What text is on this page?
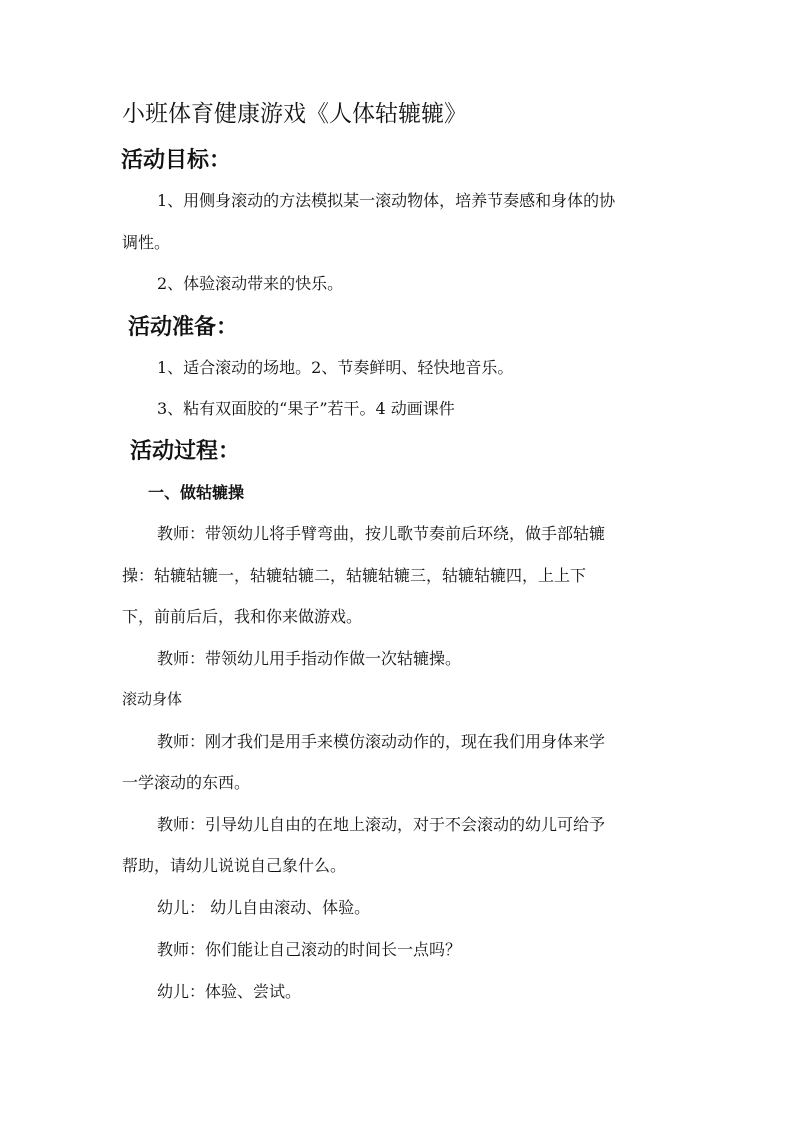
小班体育健康游戏《人体轱辘辘》
活动目标：
1、用侧身滚动的方法模拟某一滚动物体，培养节奏感和身体的协
调性。
2、体验滚动带来的快乐。
活动准备：
1、适合滚动的场地。2、节奏鲜明、轻快地音乐。
3、粘有双面胶的“果子”若干。4 动画课件
活动过程：
一、做轱辘操
教师：带领幼儿将手臂弯曲，按儿歌节奏前后环绕，做手部轱辘
操：轱辘轱辘一，轱辘轱辘二，轱辘轱辘三，轱辘轱辘四，上上下
下，前前后后，我和你来做游戏。
教师：带领幼儿用手指动作做一次轱辘操。
滚动身体
教师：刚才我们是用手来模仿滚动动作的，现在我们用身体来学
一学滚动的东西。
教师：引导幼儿自由的在地上滚动，对于不会滚动的幼儿可给予
帮助，请幼儿说说自己象什么。
幼儿： 幼儿自由滚动、体验。
教师：你们能让自己滚动的时间长一点吗？
幼儿：体验、尝试。
